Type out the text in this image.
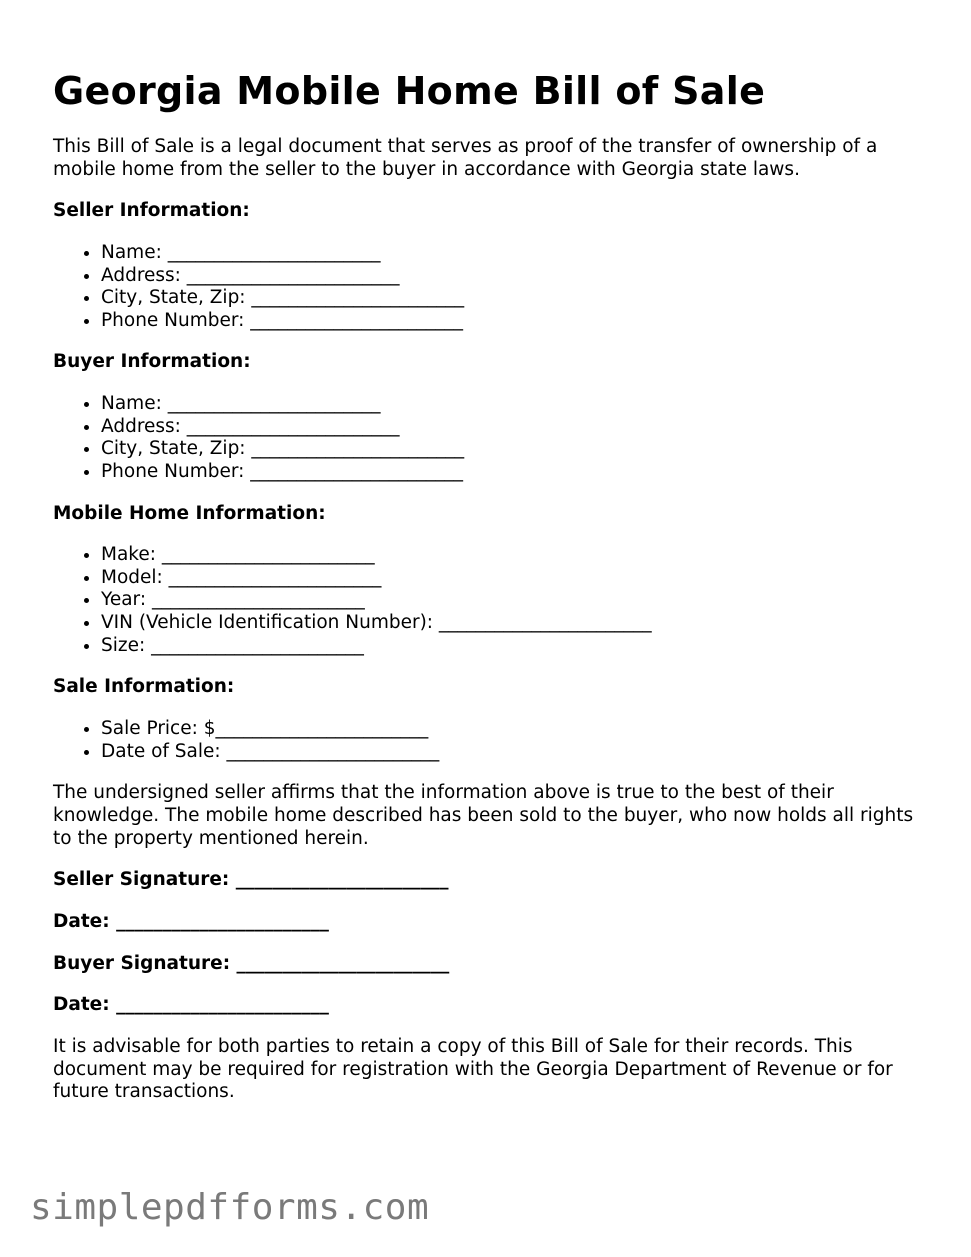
Georgia Mobile Home Bill of Sale

This Bill of Sale is a legal document that serves as proof of the transfer of ownership of a mobile home from the seller to the buyer in accordance with Georgia state laws.

Seller Information:
• Name: _______________________
• Address: _______________________
• City, State, Zip: _______________________
• Phone Number: _______________________
Buyer Information:
• Name: _______________________
• Address: _______________________
• City, State, Zip: _______________________
• Phone Number: _______________________
Mobile Home Information:
• Make: _______________________
• Model: _______________________
• Year: _______________________
• VIN (Vehicle Identification Number): _______________________
• Size: _______________________
Sale Information:
• Sale Price: $_______________________
• Date of Sale: _______________________

The undersigned seller affirms that the information above is true to the best of their knowledge. The mobile home described has been sold to the buyer, who now holds all rights to the property mentioned herein.

Seller Signature: _______________________
Date: _______________________
Buyer Signature: _______________________
Date: _______________________

It is advisable for both parties to retain a copy of this Bill of Sale for their records. This document may be required for registration with the Georgia Department of Revenue or for future transactions.

simplepdfforms.com
